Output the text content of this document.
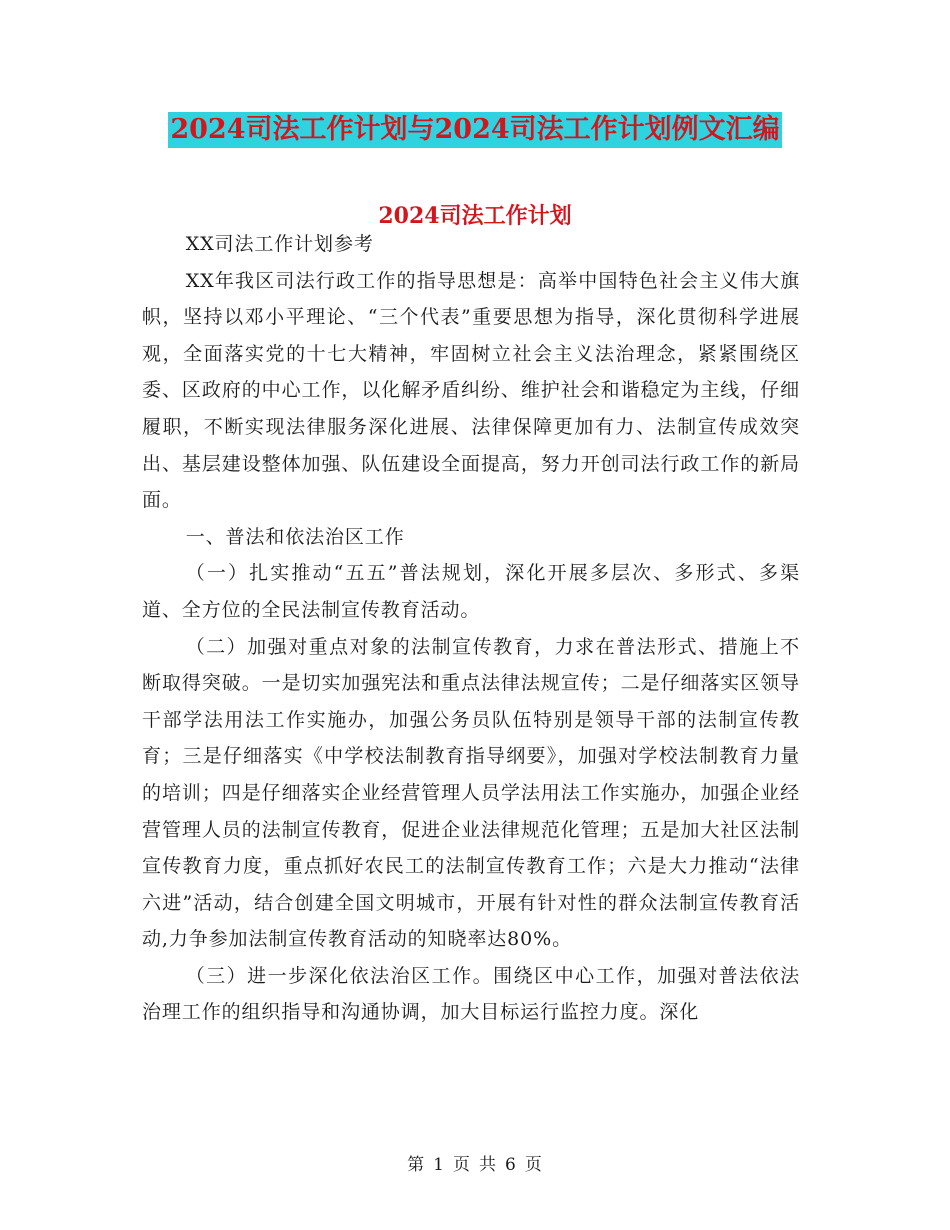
2024司法工作计划与2024司法工作计划例文汇编
2024司法工作计划

XX司法工作计划参考

XX年我区司法行政工作的指导思想是：高举中国特色社会主义伟大旗帜，坚持以邓小平理论、“三个代表”重要思想为指导，深化贯彻科学进展观，全面落实党的十七大精神，牢固树立社会主义法治理念，紧紧围绕区委、区政府的中心工作，以化解矛盾纠纷、维护社会和谐稳定为主线，仔细履职，不断实现法律服务深化进展、法律保障更加有力、法制宣传成效突出、基层建设整体加强、队伍建设全面提高，努力开创司法行政工作的新局面。

一、普法和依法治区工作

（一）扎实推动“五五”普法规划，深化开展多层次、多形式、多渠道、全方位的全民法制宣传教育活动。

（二）加强对重点对象的法制宣传教育，力求在普法形式、措施上不断取得突破。一是切实加强宪法和重点法律法规宣传；二是仔细落实区领导干部学法用法工作实施办，加强公务员队伍特别是领导干部的法制宣传教育；三是仔细落实《中学校法制教育指导纲要》，加强对学校法制教育力量的培训；四是仔细落实企业经营管理人员学法用法工作实施办，加强企业经营管理人员的法制宣传教育，促进企业法律规范化管理；五是加大社区法制宣传教育力度，重点抓好农民工的法制宣传教育工作；六是大力推动“法律六进”活动，结合创建全国文明城市，开展有针对性的群众法制宣传教育活动,力争参加法制宣传教育活动的知晓率达80%。

（三）进一步深化依法治区工作。围绕区中心工作，加强对普法依法治理工作的组织指导和沟通协调，加大目标运行监控力度。深化

第 1 页 共 6 页
